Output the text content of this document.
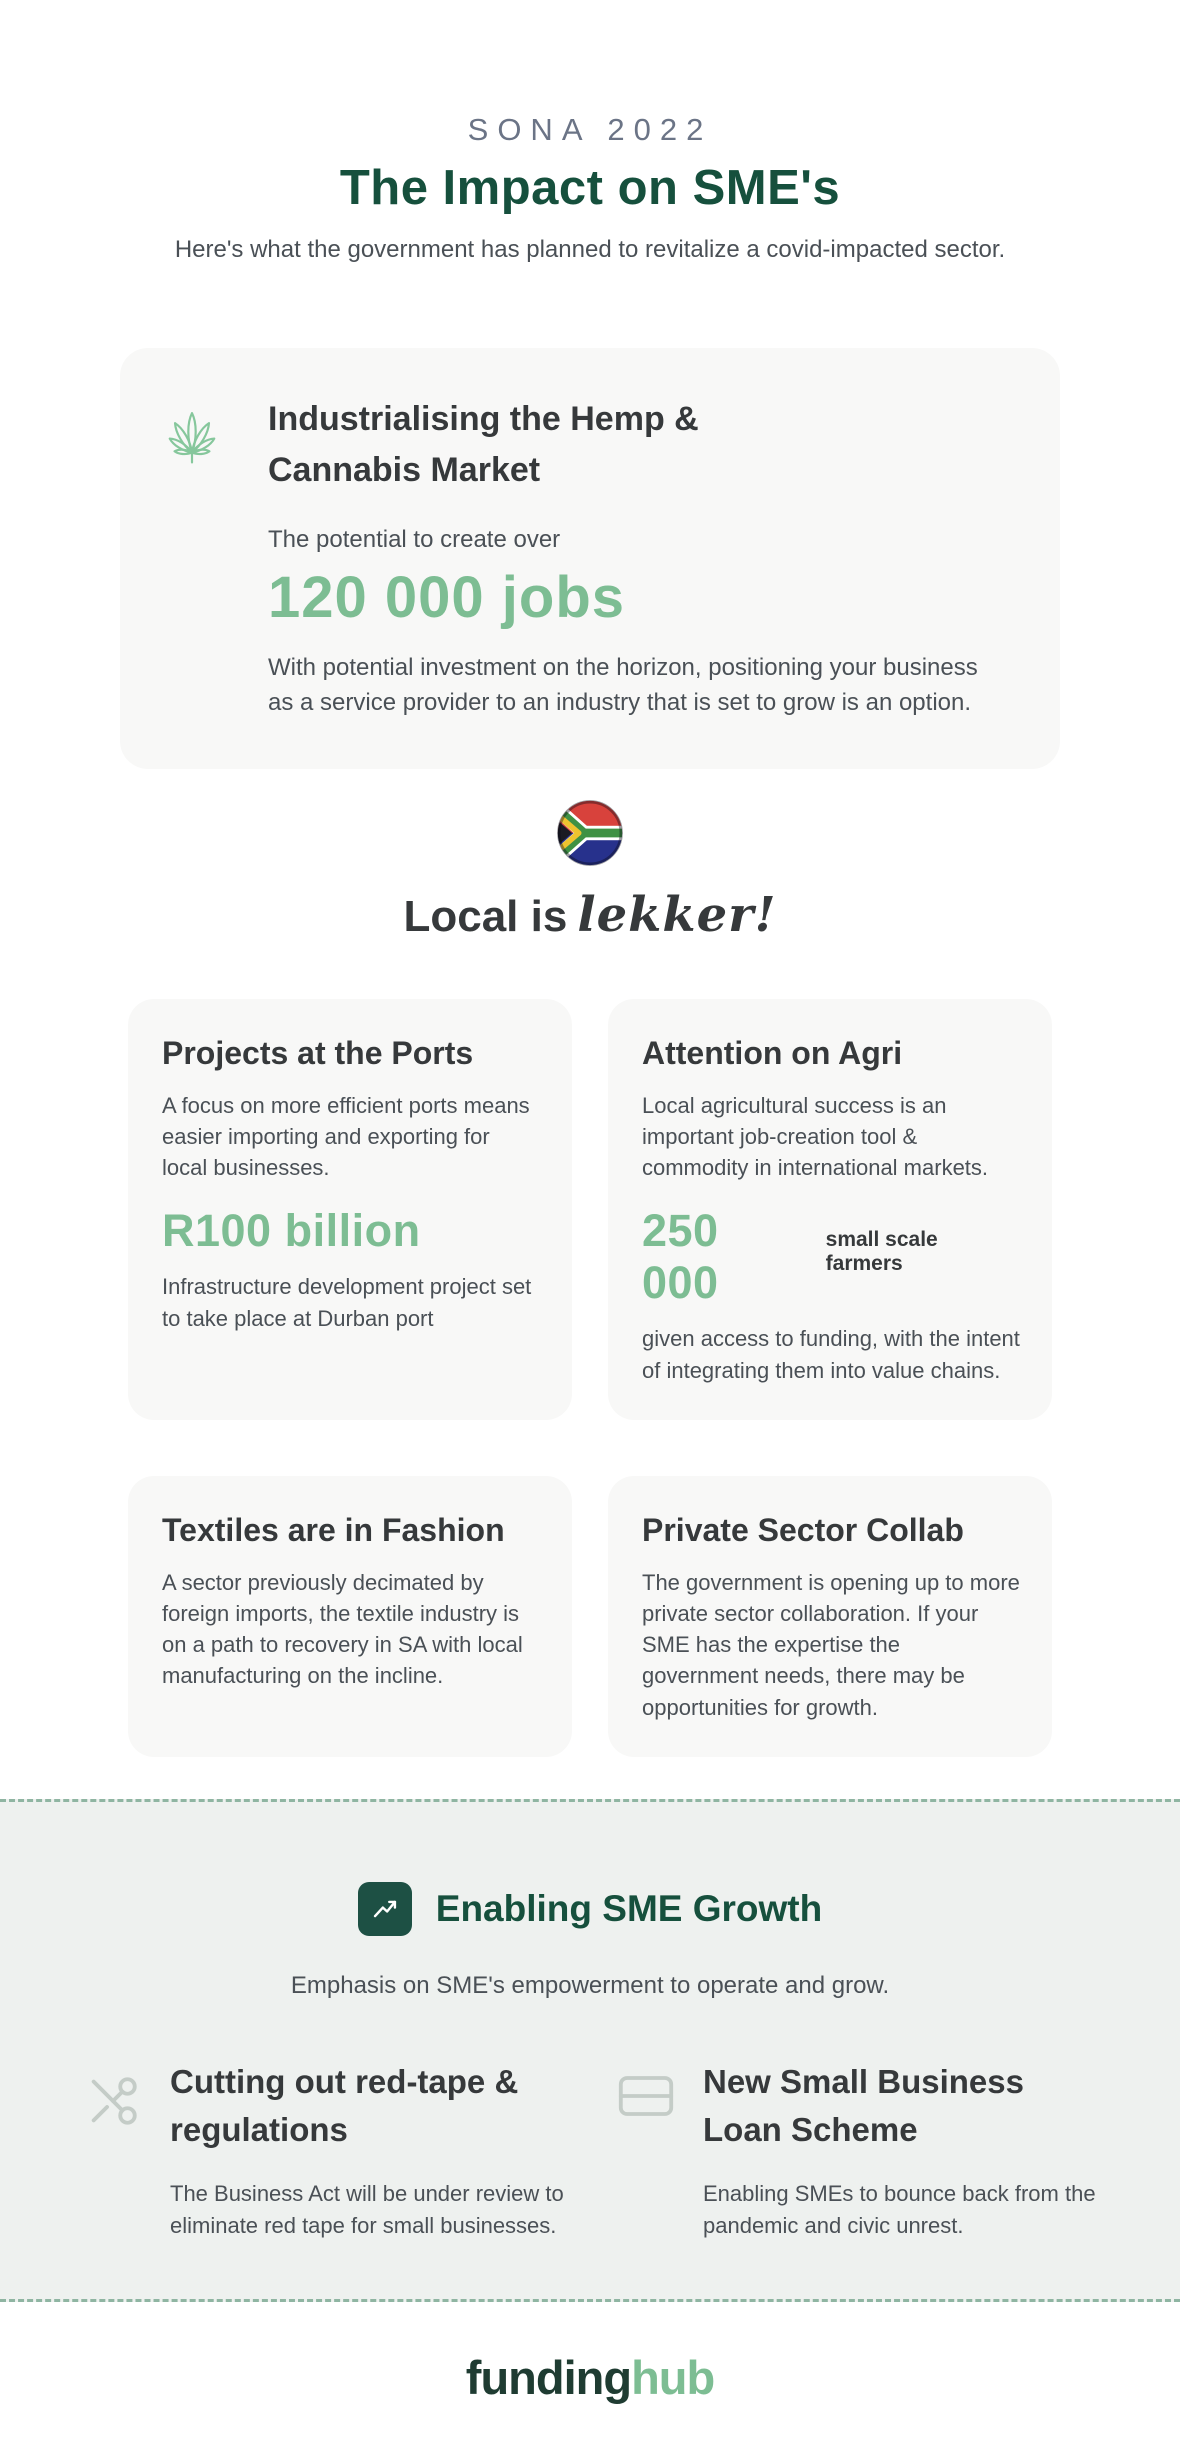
SONA 2022
The Impact on SME's

Here's what the government has planned to revitalize a covid-impacted sector.

Industrialising the Hemp & Cannabis Market

The potential to create over

120 000 jobs

With potential investment on the horizon, positioning your business as a service provider to an industry that is set to grow is an option.

Local is lekker!
Projects at the Ports

A focus on more efficient ports means easier importing and exporting for local businesses.

R100 billion

Infrastructure development project set to take place at Durban port

Attention on Agri

Local agricultural success is an important job-creation tool & commodity in international markets.

250 000
small scale farmers

given access to funding, with the intent of integrating them into value chains.

Textiles are in Fashion

A sector previously decimated by foreign imports, the textile industry is on a path to recovery in SA with local manufacturing on the incline.

Private Sector Collab

The government is opening up to more private sector collaboration. If your SME has the expertise the government needs, there may be opportunities for growth.

Enabling SME Growth

Emphasis on SME's empowerment to operate and grow.

Cutting out red-tape & regulations

The Business Act will be under review to eliminate red tape for small businesses.

New Small Business Loan Scheme

Enabling SMEs to bounce back from the pandemic and civic unrest.

fundinghub
